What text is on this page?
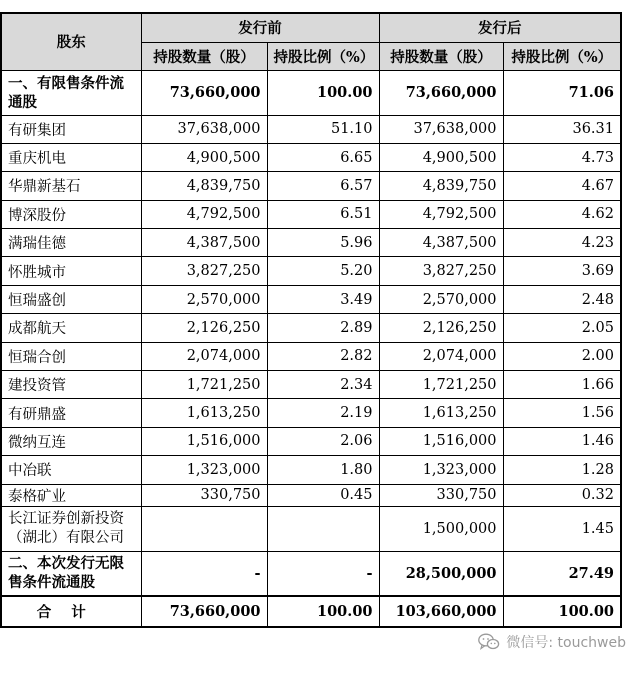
股东	发行前		发行后	
	持股数量（股）	持股比例（%）	持股数量（股）	持股比例（%）
一、有限售条件流通股	73,660,000	100.00	73,660,000	71.06
有研集团	37,638,000	51.10	37,638,000	36.31
重庆机电	4,900,500	6.65	4,900,500	4.73
华鼎新基石	4,839,750	6.57	4,839,750	4.67
博深股份	4,792,500	6.51	4,792,500	4.62
满瑞佳德	4,387,500	5.96	4,387,500	4.23
怀胜城市	3,827,250	5.20	3,827,250	3.69
恒瑞盛创	2,570,000	3.49	2,570,000	2.48
成都航天	2,126,250	2.89	2,126,250	2.05
恒瑞合创	2,074,000	2.82	2,074,000	2.00
建投资管	1,721,250	2.34	1,721,250	1.66
有研鼎盛	1,613,250	2.19	1,613,250	1.56
微纳互连	1,516,000	2.06	1,516,000	1.46
中冶联	1,323,000	1.80	1,323,000	1.28
泰格矿业	330,750	0.45	330,750	0.32
长江证券创新投资（湖北）有限公司			1,500,000	1.45
二、本次发行无限售条件流通股	-	-	28,500,000	27.49
合计	73,660,000	100.00	103,660,000	100.00
微信号: touchweb
